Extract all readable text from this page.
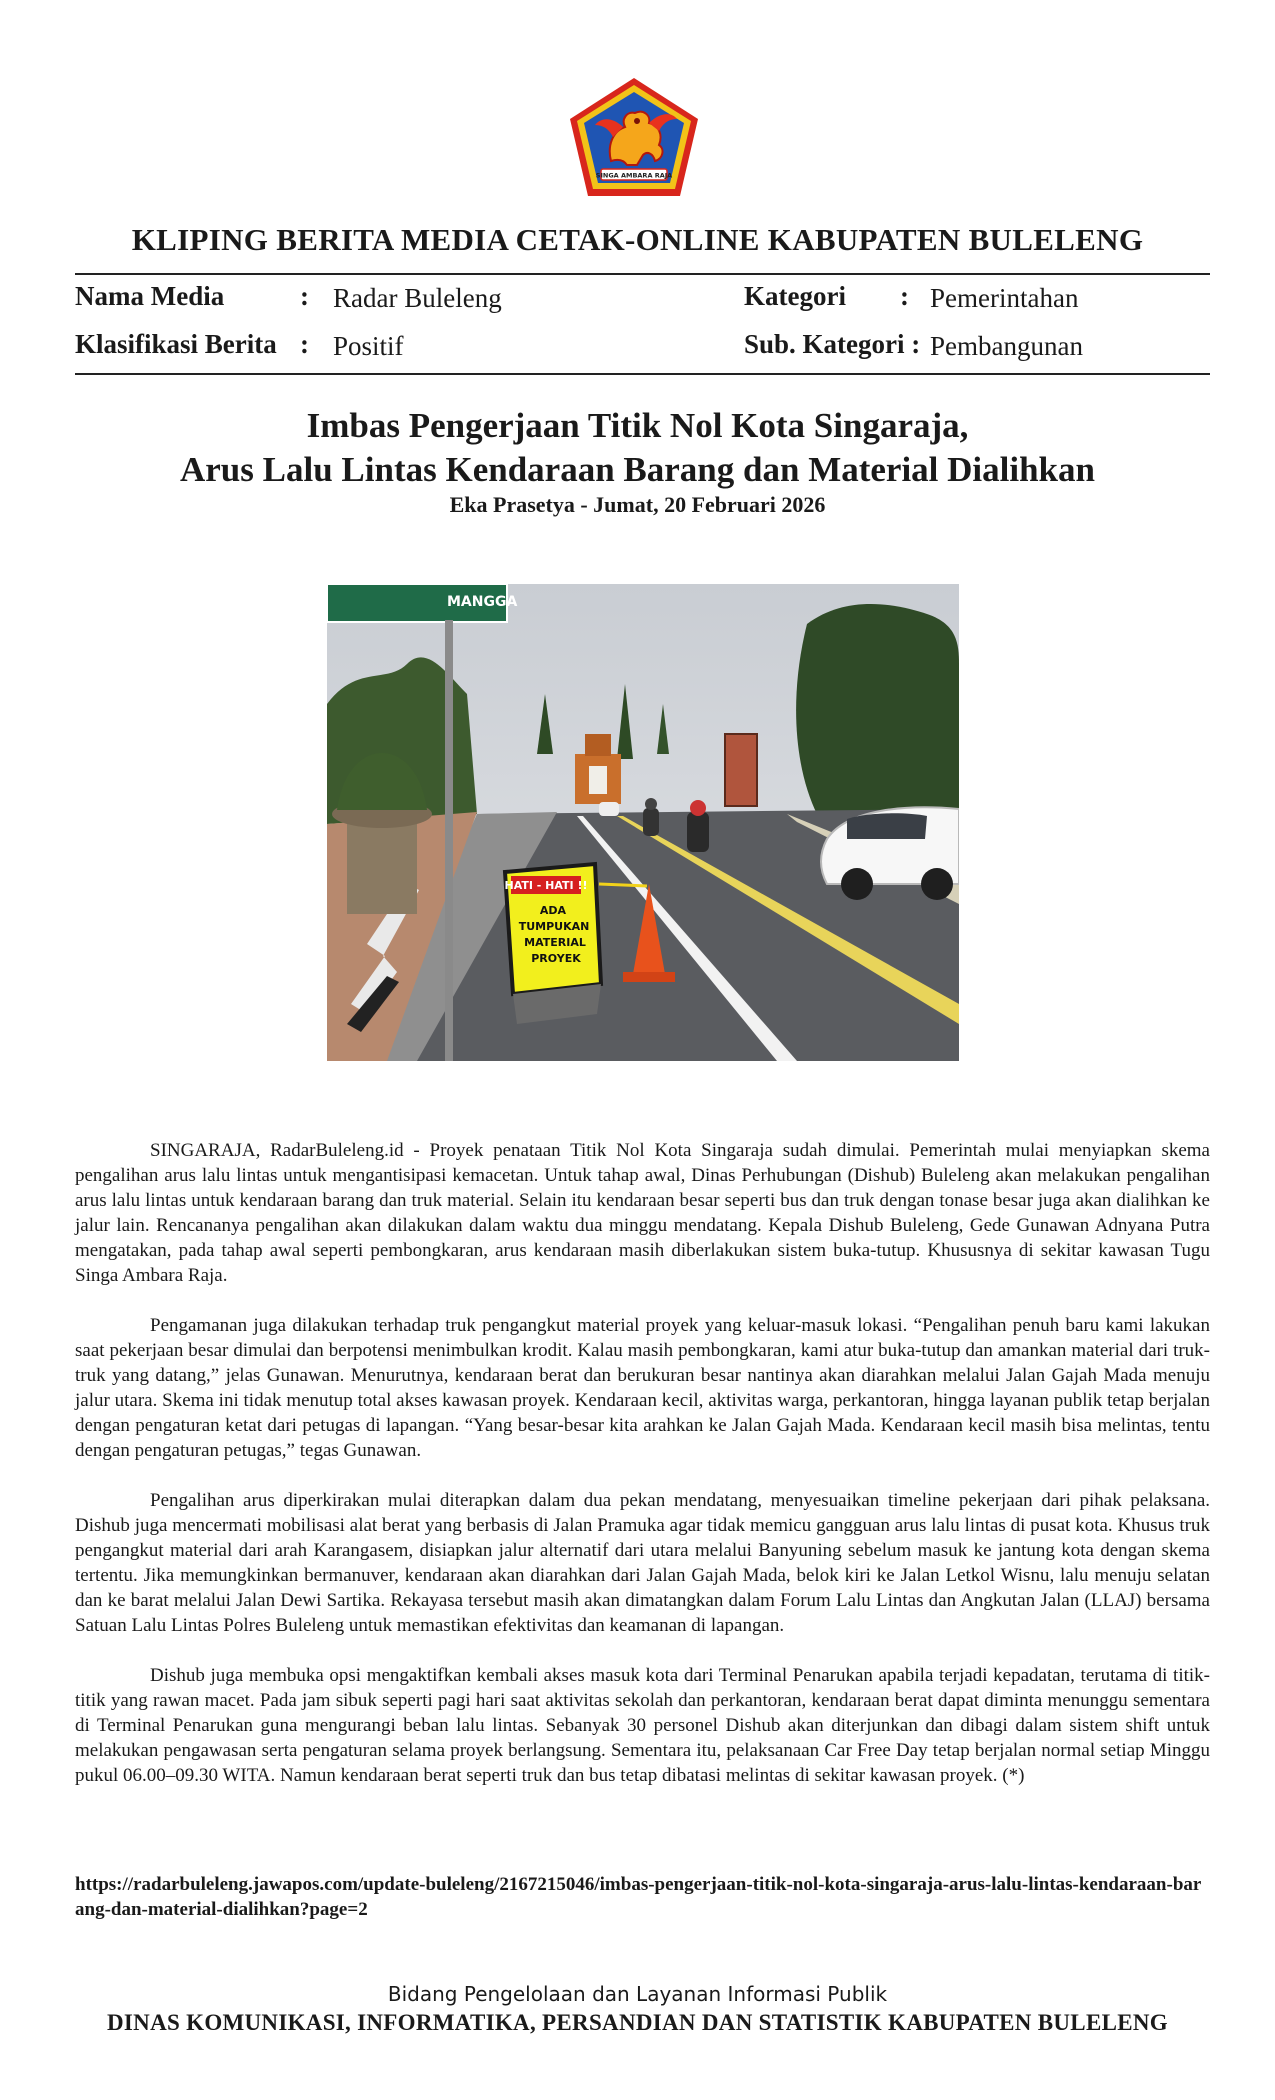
SINGA AMBARA RAJA
KLIPING BERITA MEDIA CETAK-ONLINE KABUPATEN BULELENG
Nama Media	: Radar Buleleng	Kategori : Pemerintahan
Klasifikasi Berita : Positif	Sub. Kategori : Pembangunan
Imbas Pengerjaan Titik Nol Kota Singaraja,
Arus Lalu Lintas Kendaraan Barang dan Material Dialihkan
Eka Prasetya - Jumat, 20 Februari 2026
MANGGA
HATI - HATI !!
ADA
TUMPUKAN
MATERIAL
PROYEK

SINGARAJA, RadarBuleleng.id - Proyek penataan Titik Nol Kota Singaraja sudah dimulai. Pemerintah mulai menyiapkan skema pengalihan arus lalu lintas untuk mengantisipasi kemacetan. Untuk tahap awal, Dinas Perhubungan (Dishub) Buleleng akan melakukan pengalihan arus lalu lintas untuk kendaraan barang dan truk material. Selain itu kendaraan besar seperti bus dan truk dengan tonase besar juga akan dialihkan ke jalur lain. Rencananya pengalihan akan dilakukan dalam waktu dua minggu mendatang. Kepala Dishub Buleleng, Gede Gunawan Adnyana Putra mengatakan, pada tahap awal seperti pembongkaran, arus kendaraan masih diberlakukan sistem buka-tutup. Khususnya di sekitar kawasan Tugu Singa Ambara Raja.

Pengamanan juga dilakukan terhadap truk pengangkut material proyek yang keluar-masuk lokasi. “Pengalihan penuh baru kami lakukan saat pekerjaan besar dimulai dan berpotensi menimbulkan krodit. Kalau masih pembongkaran, kami atur buka-tutup dan amankan material dari truk-truk yang datang,” jelas Gunawan. Menurutnya, kendaraan berat dan berukuran besar nantinya akan diarahkan melalui Jalan Gajah Mada menuju jalur utara. Skema ini tidak menutup total akses kawasan proyek. Kendaraan kecil, aktivitas warga, perkantoran, hingga layanan publik tetap berjalan dengan pengaturan ketat dari petugas di lapangan. “Yang besar-besar kita arahkan ke Jalan Gajah Mada. Kendaraan kecil masih bisa melintas, tentu dengan pengaturan petugas,” tegas Gunawan.

Pengalihan arus diperkirakan mulai diterapkan dalam dua pekan mendatang, menyesuaikan timeline pekerjaan dari pihak pelaksana. Dishub juga mencermati mobilisasi alat berat yang berbasis di Jalan Pramuka agar tidak memicu gangguan arus lalu lintas di pusat kota. Khusus truk pengangkut material dari arah Karangasem, disiapkan jalur alternatif dari utara melalui Banyuning sebelum masuk ke jantung kota dengan skema tertentu. Jika memungkinkan bermanuver, kendaraan akan diarahkan dari Jalan Gajah Mada, belok kiri ke Jalan Letkol Wisnu, lalu menuju selatan dan ke barat melalui Jalan Dewi Sartika. Rekayasa tersebut masih akan dimatangkan dalam Forum Lalu Lintas dan Angkutan Jalan (LLAJ) bersama Satuan Lalu Lintas Polres Buleleng untuk memastikan efektivitas dan keamanan di lapangan.

Dishub juga membuka opsi mengaktifkan kembali akses masuk kota dari Terminal Penarukan apabila terjadi kepadatan, terutama di titik-titik yang rawan macet. Pada jam sibuk seperti pagi hari saat aktivitas sekolah dan perkantoran, kendaraan berat dapat diminta menunggu sementara di Terminal Penarukan guna mengurangi beban lalu lintas. Sebanyak 30 personel Dishub akan diterjunkan dan dibagi dalam sistem shift untuk melakukan pengawasan serta pengaturan selama proyek berlangsung. Sementara itu, pelaksanaan Car Free Day tetap berjalan normal setiap Minggu pukul 06.00–09.30 WITA. Namun kendaraan berat seperti truk dan bus tetap dibatasi melintas di sekitar kawasan proyek. (*)

https://radarbuleleng.jawapos.com/update-buleleng/2167215046/imbas-pengerjaan-titik-nol-kota-singaraja-arus-lalu-lintas-kendaraan-barang-dan-material-dialihkan?page=2
Bidang Pengelolaan dan Layanan Informasi Publik
DINAS KOMUNIKASI, INFORMATIKA, PERSANDIAN DAN STATISTIK KABUPATEN BULELENG
